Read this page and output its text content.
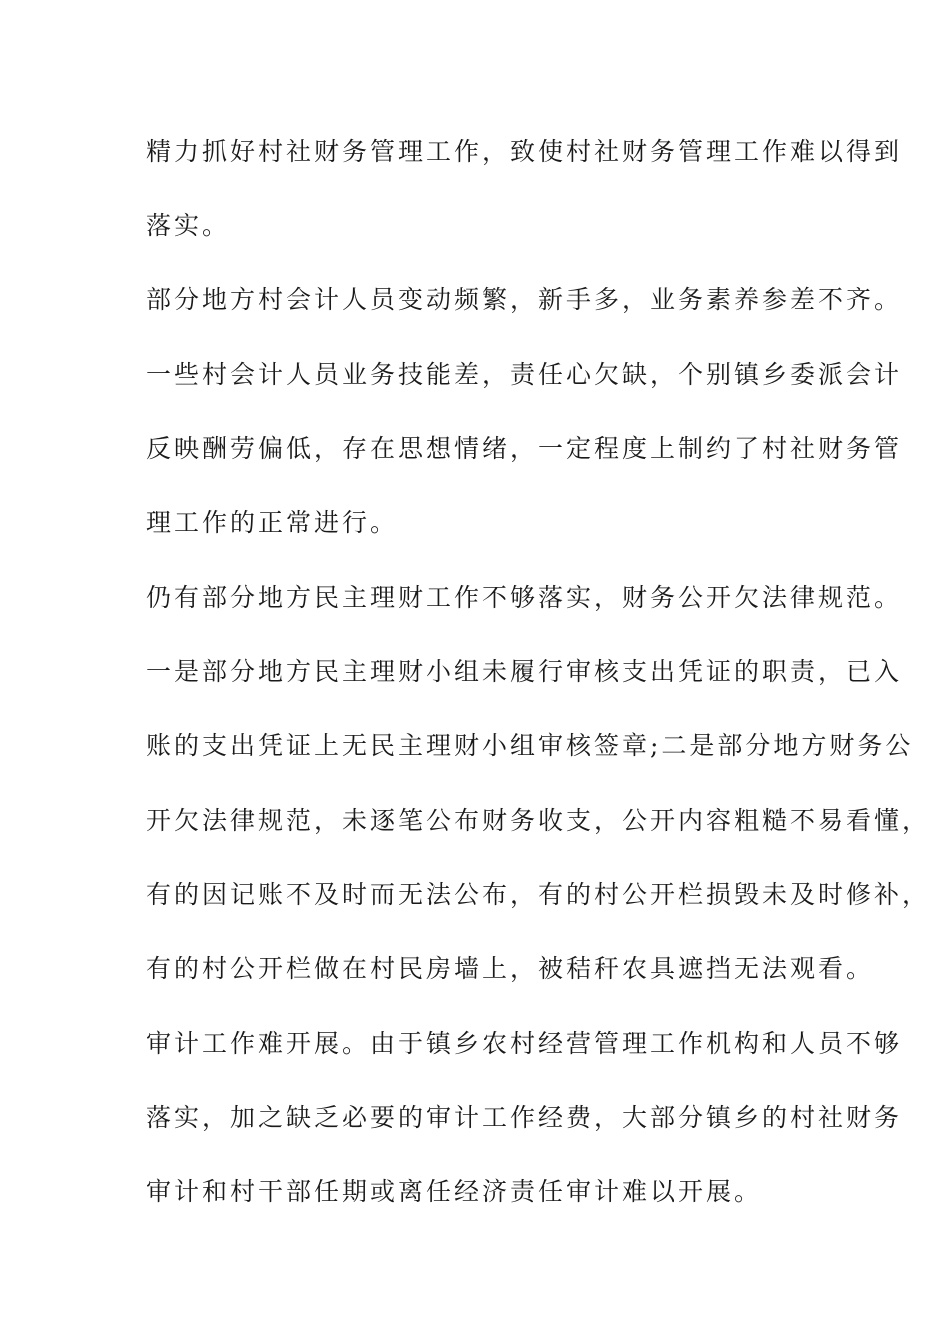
精力抓好村社财务管理工作，致使村社财务管理工作难以得到

落实。

部分地方村会计人员变动频繁，新手多，业务素养参差不齐。

一些村会计人员业务技能差，责任心欠缺，个别镇乡委派会计

反映酬劳偏低，存在思想情绪，一定程度上制约了村社财务管

理工作的正常进行。

仍有部分地方民主理财工作不够落实，财务公开欠法律规范。

一是部分地方民主理财小组未履行审核支出凭证的职责，已入

账的支出凭证上无民主理财小组审核签章;二是部分地方财务公

开欠法律规范，未逐笔公布财务收支，公开内容粗糙不易看懂，

有的因记账不及时而无法公布，有的村公开栏损毁未及时修补，

有的村公开栏做在村民房墙上，被秸秆农具遮挡无法观看。

审计工作难开展。由于镇乡农村经营管理工作机构和人员不够

落实，加之缺乏必要的审计工作经费，大部分镇乡的村社财务

审计和村干部任期或离任经济责任审计难以开展。
